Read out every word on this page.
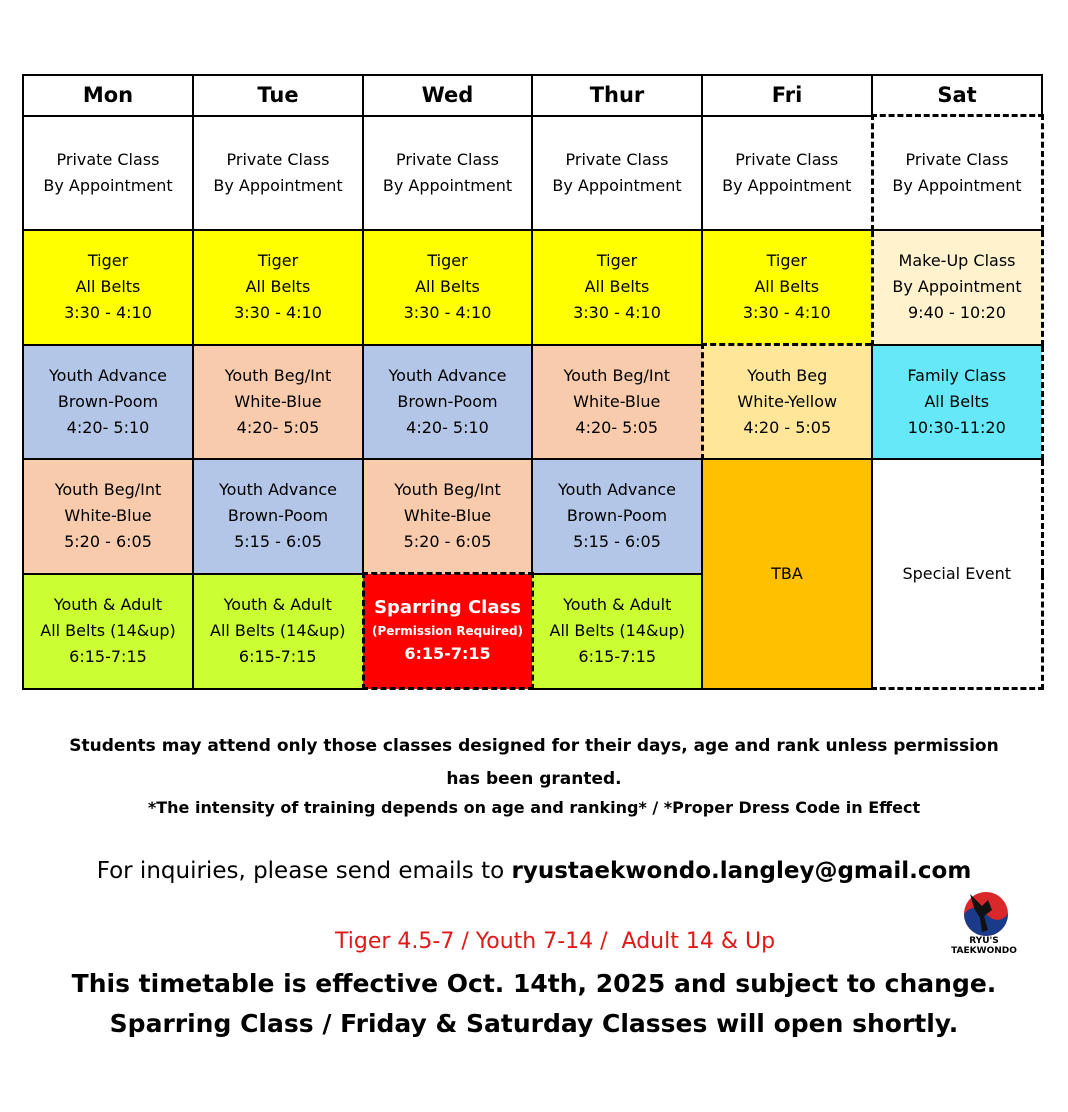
Mon	Tue	Wed	Thur	Fri	Sat

Private Class
By Appointment	Private Class
By Appointment	Private Class
By Appointment	Private Class
By Appointment	Private Class
By Appointment	Private Class
By Appointment

Tiger
All Belts
3:30 - 4:10	Tiger
All Belts
3:30 - 4:10	Tiger
All Belts
3:30 - 4:10	Tiger
All Belts
3:30 - 4:10	Tiger
All Belts
3:30 - 4:10	Make-Up Class
By Appointment
9:40 - 10:20

Youth Advance
Brown-Poom
4:20- 5:10	Youth Beg/Int
White-Blue
4:20- 5:05	Youth Advance
Brown-Poom
4:20- 5:10	Youth Beg/Int
White-Blue
4:20- 5:05	Youth Beg
White-Yellow
4:20 - 5:05	Family Class
All Belts
10:30-11:20

Youth Beg/Int
White-Blue
5:20 - 6:05	Youth Advance
Brown-Poom
5:15 - 6:05	Youth Beg/Int
White-Blue
5:20 - 6:05	Youth Advance
Brown-Poom
5:15 - 6:05	TBA	Special Event

Youth & Adult
All Belts (14&up)
6:15-7:15	Youth & Adult
All Belts (14&up)
6:15-7:15	Sparring Class
(Permission Required)
6:15-7:15	Youth & Adult
All Belts (14&up)
6:15-7:15		
Students may attend only those classes designed for their days, age and rank unless permission
has been granted.
*The intensity of training depends on age and ranking* / *Proper Dress Code in Effect
For inquiries, please send emails to ryustaekwondo.langley@gmail.com
Tiger 4.5-7 / Youth 7-14 /  Adult 14 & Up	RYU'S
TAEKWONDO
This timetable is effective Oct. 14th, 2025 and subject to change.
Sparring Class / Friday & Saturday Classes will open shortly.
